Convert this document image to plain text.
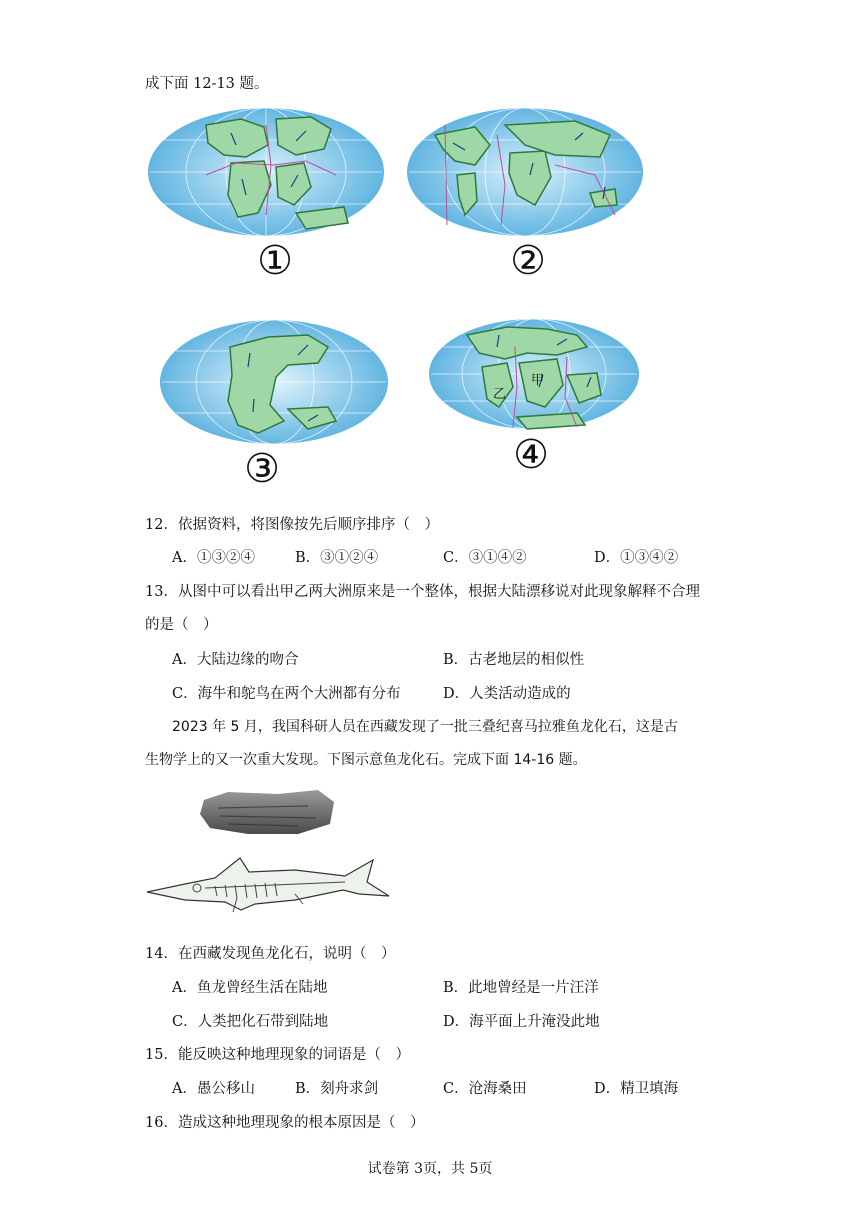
成下面 12-13 题。
①	②
③
甲
乙
④
12．依据资料，将图像按先后顺序排序（　）
A．①③②④	B．③①②④	C．③①④②	D．①③④②
13．从图中可以看出甲乙两大洲原来是一个整体，根据大陆漂移说对此现象解释不合理
的是（　）
A．大陆边缘的吻合	B．古老地层的相似性
C．海牛和鸵鸟在两个大洲都有分布	D．人类活动造成的
2023 年 5 月，我国科研人员在西藏发现了一批三叠纪喜马拉雅鱼龙化石，这是古
生物学上的又一次重大发现。下图示意鱼龙化石。完成下面 14-16 题。
14．在西藏发现鱼龙化石，说明（　）
A．鱼龙曾经生活在陆地	B．此地曾经是一片汪洋
C．人类把化石带到陆地	D．海平面上升淹没此地
15．能反映这种地理现象的词语是（　）
A．愚公移山	B．刻舟求剑	C．沧海桑田	D．精卫填海
16．造成这种地理现象的根本原因是（　）
试卷第 3页，共 5页
